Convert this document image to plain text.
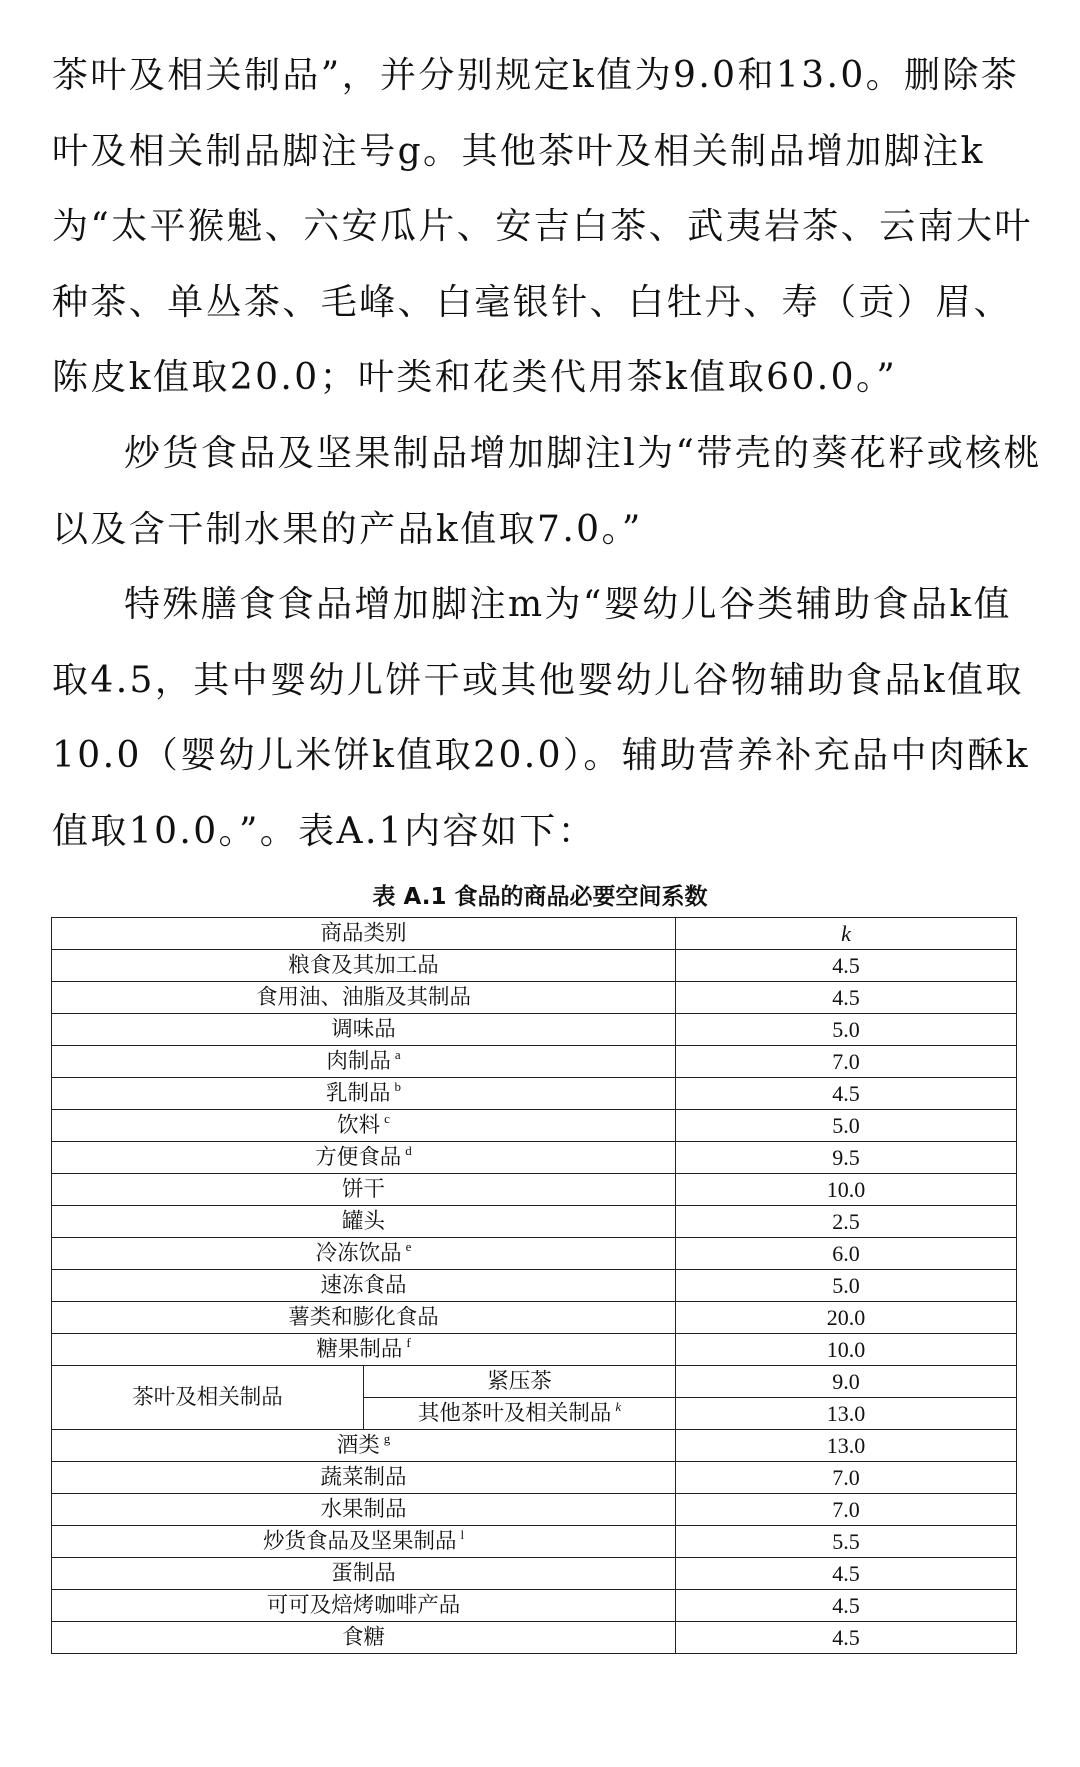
茶叶及相关制品”，并分别规定k值为9.0和13.0。删除茶叶及相关制品脚注号g。其他茶叶及相关制品增加脚注k为“太平猴魁、六安瓜片、安吉白茶、武夷岩茶、云南大叶种茶、单丛茶、毛峰、白毫银针、白牡丹、寿（贡）眉、陈皮k值取20.0；叶类和花类代用茶k值取60.0。”

炒货食品及坚果制品增加脚注l为“带壳的葵花籽或核桃以及含干制水果的产品k值取7.0。”

特殊膳食食品增加脚注m为“婴幼儿谷类辅助食品k值取4.5，其中婴幼儿饼干或其他婴幼儿谷物辅助食品k值取10.0（婴幼儿米饼k值取20.0）。辅助营养补充品中肉酥k值取10.0。”。表A.1内容如下：

表 A.1 食品的商品必要空间系数
商品类别		k
粮食及其加工品		4.5
食用油、油脂及其制品		4.5
调味品		5.0
肉制品 $^a$		7.0
乳制品 $^b$		4.5
饮料 $^c$		5.0
方便食品 $^d$		9.5
饼干		10.0
罐头		2.5
冷冻饮品 $^e$		6.0
速冻食品		5.0
薯类和膨化食品		20.0
糖果制品 $^f$		10.0
茶叶及相关制品	紧压茶	9.0
	其他茶叶及相关制品 $^k$	13.0
酒类 $^g$		13.0
蔬菜制品		7.0
水果制品		7.0
炒货食品及坚果制品 $^l$		5.5
蛋制品		4.5
可可及焙烤咖啡产品		4.5
食糖		4.5
